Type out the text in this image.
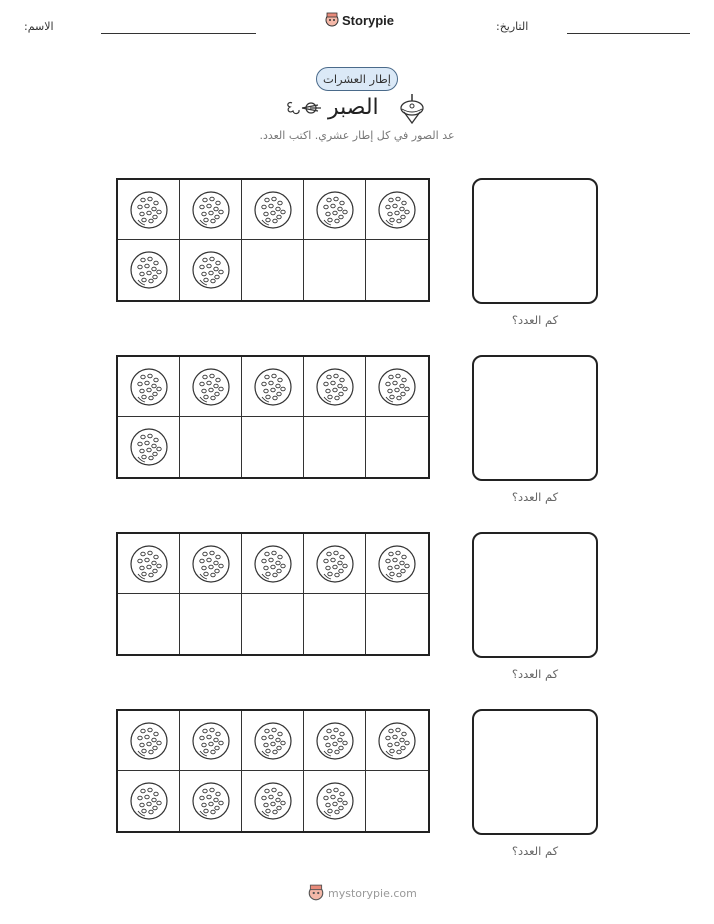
الاسم:	Storypie	التاريخ:
إطار العشرات
الصبر
عد الصور في كل إطار عشري. اكتب العدد.
كم العدد؟
كم العدد؟
كم العدد؟
كم العدد؟
mystorypie.com
